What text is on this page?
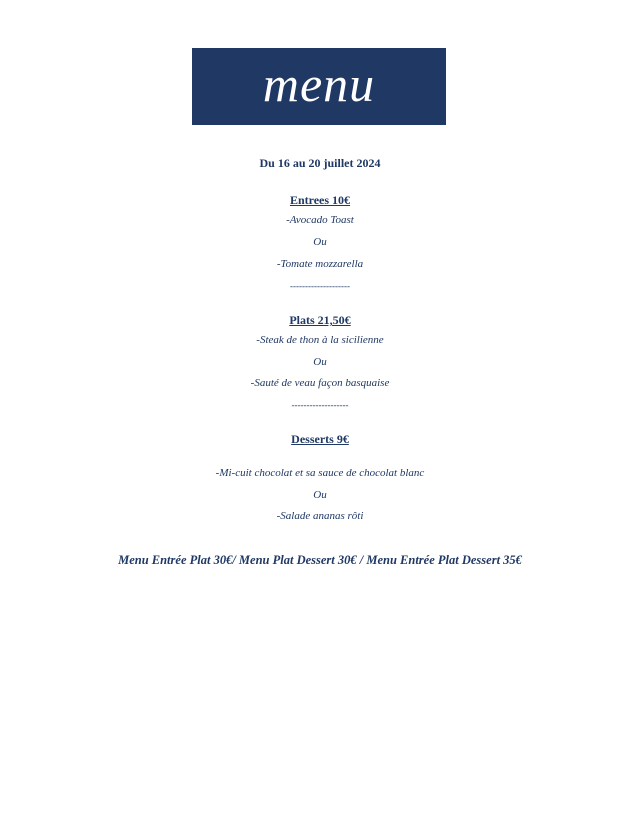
menu
Du 16 au 20 juillet 2024
Entrees 10€
-Avocado Toast
Ou
-Tomate mozzarella
--------------------
Plats 21,50€
-Steak de thon à la sicilienne
Ou
-Sauté de veau façon basquaise
-------------------
Desserts 9€
-Mi-cuit chocolat et sa sauce de chocolat blanc
Ou
-Salade ananas rôti
Menu Entrée Plat 30€/ Menu Plat Dessert 30€ / Menu Entrée Plat Dessert 35€
